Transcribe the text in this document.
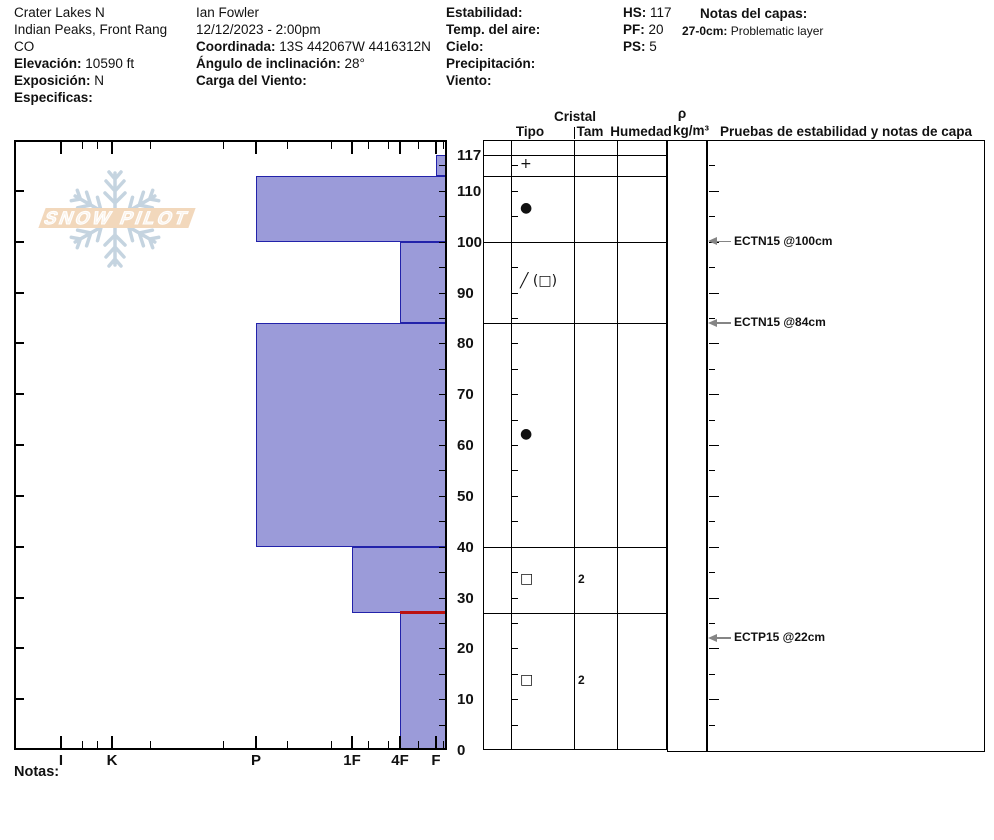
Crater Lakes N
Indian Peaks, Front Rang
CO
Elevación: 10590 ft
Exposición: N
Especificas:
Ian Fowler
12/12/2023 - 2:00pm
Coordinada: 13S 442067W 4416312N
Ángulo de inclinación: 28°
Carga del Viento:
Estabilidad:
Temp. del aire:
Cielo:
Precipitación:
Viento:
HS: 117
PF: 20
PS: 5
Notas del capas:
27-0cm: Problematic layer
Cristal
Tipo	Tam Humedad
ρ
kg/m³ Pruebas de estabilidad y notas de capa
SNOW PILOT
117
110
100
90
80
70
60
50
40
30
20
10
0
I	K	P	1F	4F	F
+
●
╱ (□)
●
□	2
□	2
ECTN15 @100cm
ECTN15 @84cm
ECTP15 @22cm
Notas:
